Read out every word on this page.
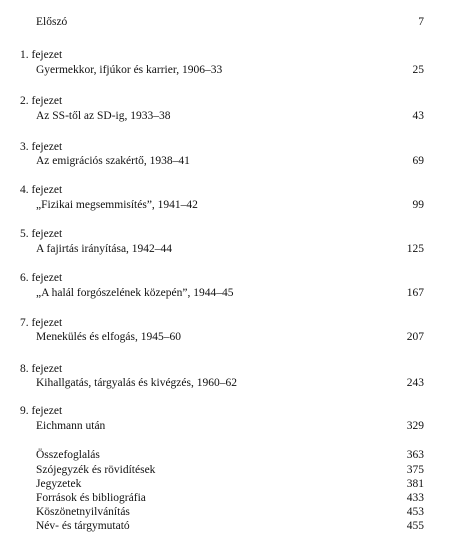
Előszó	7
1. fejezet
Gyermekkor, ifjúkor és karrier, 1906–33	25
2. fejezet
Az SS-től az SD-ig, 1933–38	43
3. fejezet
Az emigrációs szakértő, 1938–41	69
4. fejezet
„Fizikai megsemmisítés”, 1941–42	99
5. fejezet
A fajirtás irányítása, 1942–44	125
6. fejezet
„A halál forgószelének közepén”, 1944–45	167
7. fejezet
Menekülés és elfogás, 1945–60	207
8. fejezet
Kihallgatás, tárgyalás és kivégzés, 1960–62	243
9. fejezet
Eichmann után	329
Összefoglalás	363
Szójegyzék és rövidítések	375
Jegyzetek	381
Források és bibliográfia	433
Köszönetnyilvánítás	453
Név- és tárgymutató	455
